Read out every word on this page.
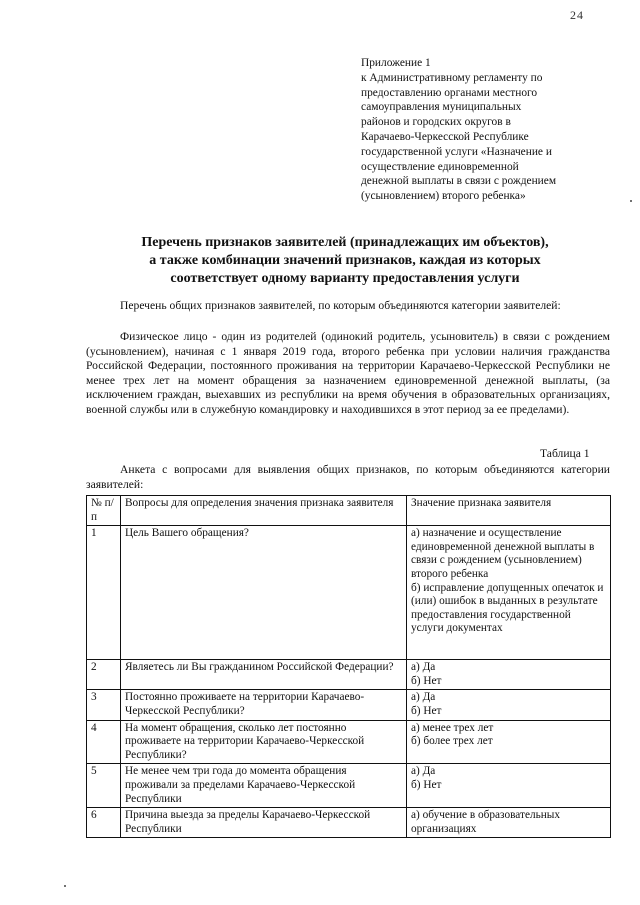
24
Приложение 1
к Административному регламенту по
предоставлению органами местного
самоуправления муниципальных
районов и городских округов в
Карачаево-Черкесской Республике
государственной услуги «Назначение и
осуществление единовременной
денежной выплаты в связи с рождением
(усыновлением) второго ребенка»
Перечень признаков заявителей (принадлежащих им объектов),
а также комбинации значений признаков, каждая из которых
соответствует одному варианту предоставления услуги
Перечень общих признаков заявителей, по которым объединяются категории заявителей:
Физическое лицо - один из родителей (одинокий родитель, усыновитель) в связи с рождением (усыновлением), начиная с 1 января 2019 года, второго ребенка при условии наличия гражданства Российской Федерации, постоянного проживания на территории Карачаево-Черкесской Республики не менее трех лет на момент обращения за назначением единовременной денежной выплаты, (за исключением граждан, выехавших из республики на время обучения в образовательных организациях, военной службы или в служебную командировку и находившихся в этот период за ее пределами).
Таблица 1
Анкета с вопросами для выявления общих признаков, по которым объединяются категории заявителей:
№ п/п	Вопросы для определения значения признака заявителя	Значение признака заявителя
1	Цель Вашего обращения?	а) назначение и осуществление единовременной денежной выплаты в связи с рождением (усыновлением) второго ребенка
б) исправление допущенных опечаток и (или) ошибок в выданных в результате предоставления государственной услуги документах

2	Являетесь ли Вы гражданином Российской Федерации?	а) Да
б) Нет

3	Постоянно проживаете на территории Карачаево-Черкесской Республики?	а) Да
б) Нет

4	На момент обращения, сколько лет постоянно проживаете на территории Карачаево-Черкесской Республики?	а) менее трех лет
б) более трех лет

5	Не менее чем три года до момента обращения проживали за пределами Карачаево-Черкесской Республики	а) Да
б) Нет

6	Причина выезда за пределы Карачаево-Черкесской Республики	а) обучение в образовательных организациях
